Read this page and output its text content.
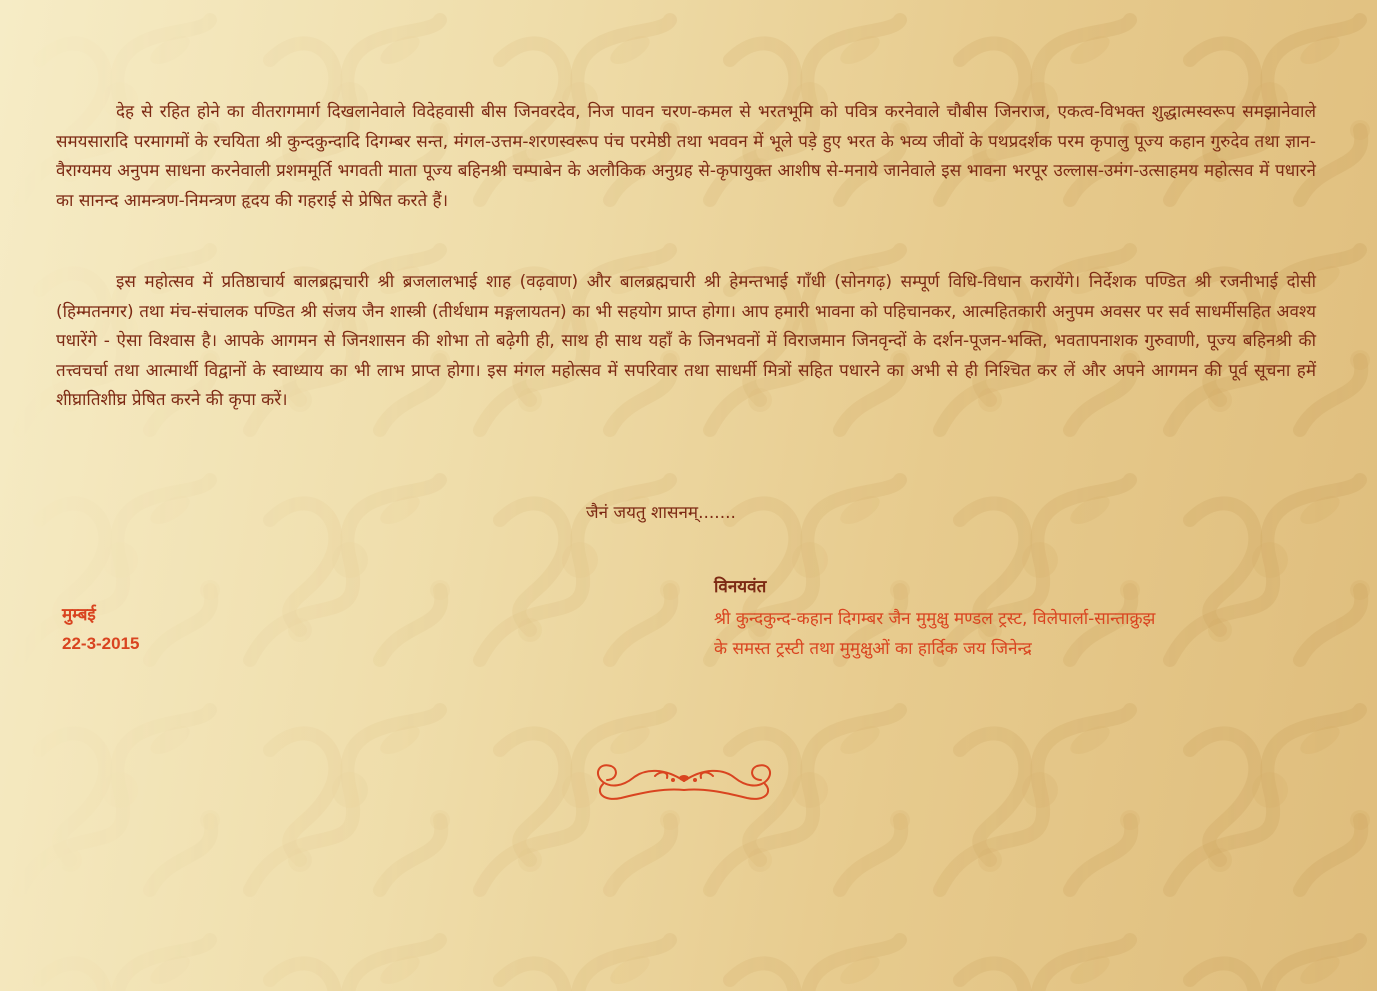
देह से रहित होने का वीतरागमार्ग दिखलानेवाले विदेहवासी बीस जिनवरदेव, निज पावन चरण-कमल से भरतभूमि को पवित्र करनेवाले चौबीस जिनराज, एकत्व-विभक्त शुद्धात्मस्वरूप समझानेवाले समयसारादि परमागमों के रचयिता श्री कुन्दकुन्दादि दिगम्बर सन्त, मंगल-उत्तम-शरणस्वरूप पंच परमेष्ठी तथा भववन में भूले पड़े हुए भरत के भव्य जीवों के पथप्रदर्शक परम कृपालु पूज्य कहान गुरुदेव तथा ज्ञान-वैराग्यमय अनुपम साधना करनेवाली प्रशममूर्ति भगवती माता पूज्य बहिनश्री चम्पाबेन के अलौकिक अनुग्रह से-कृपायुक्त आशीष से-मनाये जानेवाले इस भावना भरपूर उल्लास-उमंग-उत्साहमय महोत्सव में पधारने का सानन्द आमन्त्रण-निमन्त्रण हृदय की गहराई से प्रेषित करते हैं।

इस महोत्सव में प्रतिष्ठाचार्य बालब्रह्मचारी श्री ब्रजलालभाई शाह (वढ़वाण) और बालब्रह्मचारी श्री हेमन्तभाई गाँधी (सोनगढ़) सम्पूर्ण विधि-विधान करायेंगे। निर्देशक पण्डित श्री रजनीभाई दोसी (हिम्मतनगर) तथा मंच-संचालक पण्डित श्री संजय जैन शास्त्री (तीर्थधाम मङ्गलायतन) का भी सहयोग प्राप्त होगा। आप हमारी भावना को पहिचानकर, आत्महितकारी अनुपम अवसर पर सर्व साधर्मीसहित अवश्य पधारेंगे - ऐसा विश्वास है। आपके आगमन से जिनशासन की शोभा तो बढ़ेगी ही, साथ ही साथ यहाँ के जिनभवनों में विराजमान जिनवृन्दों के दर्शन-पूजन-भक्ति, भवतापनाशक गुरुवाणी, पूज्य बहिनश्री की तत्त्वचर्चा तथा आत्मार्थी विद्वानों के स्वाध्याय का भी लाभ प्राप्त होगा। इस मंगल महोत्सव में सपरिवार तथा साधर्मी मित्रों सहित पधारने का अभी से ही निश्चित कर लें और अपने आगमन की पूर्व सूचना हमें शीघ्रातिशीघ्र प्रेषित करने की कृपा करें।

जैनं जयतु शासनम्.......

विनयवंत

श्री कुन्दकुन्द-कहान दिगम्बर जैन मुमुक्षु मण्डल ट्रस्ट, विलेपार्ला-सान्ताक्रुझ
के समस्त ट्रस्टी तथा मुमुक्षुओं का हार्दिक जय जिनेन्द्र

मुम्बई

22-3-2015
